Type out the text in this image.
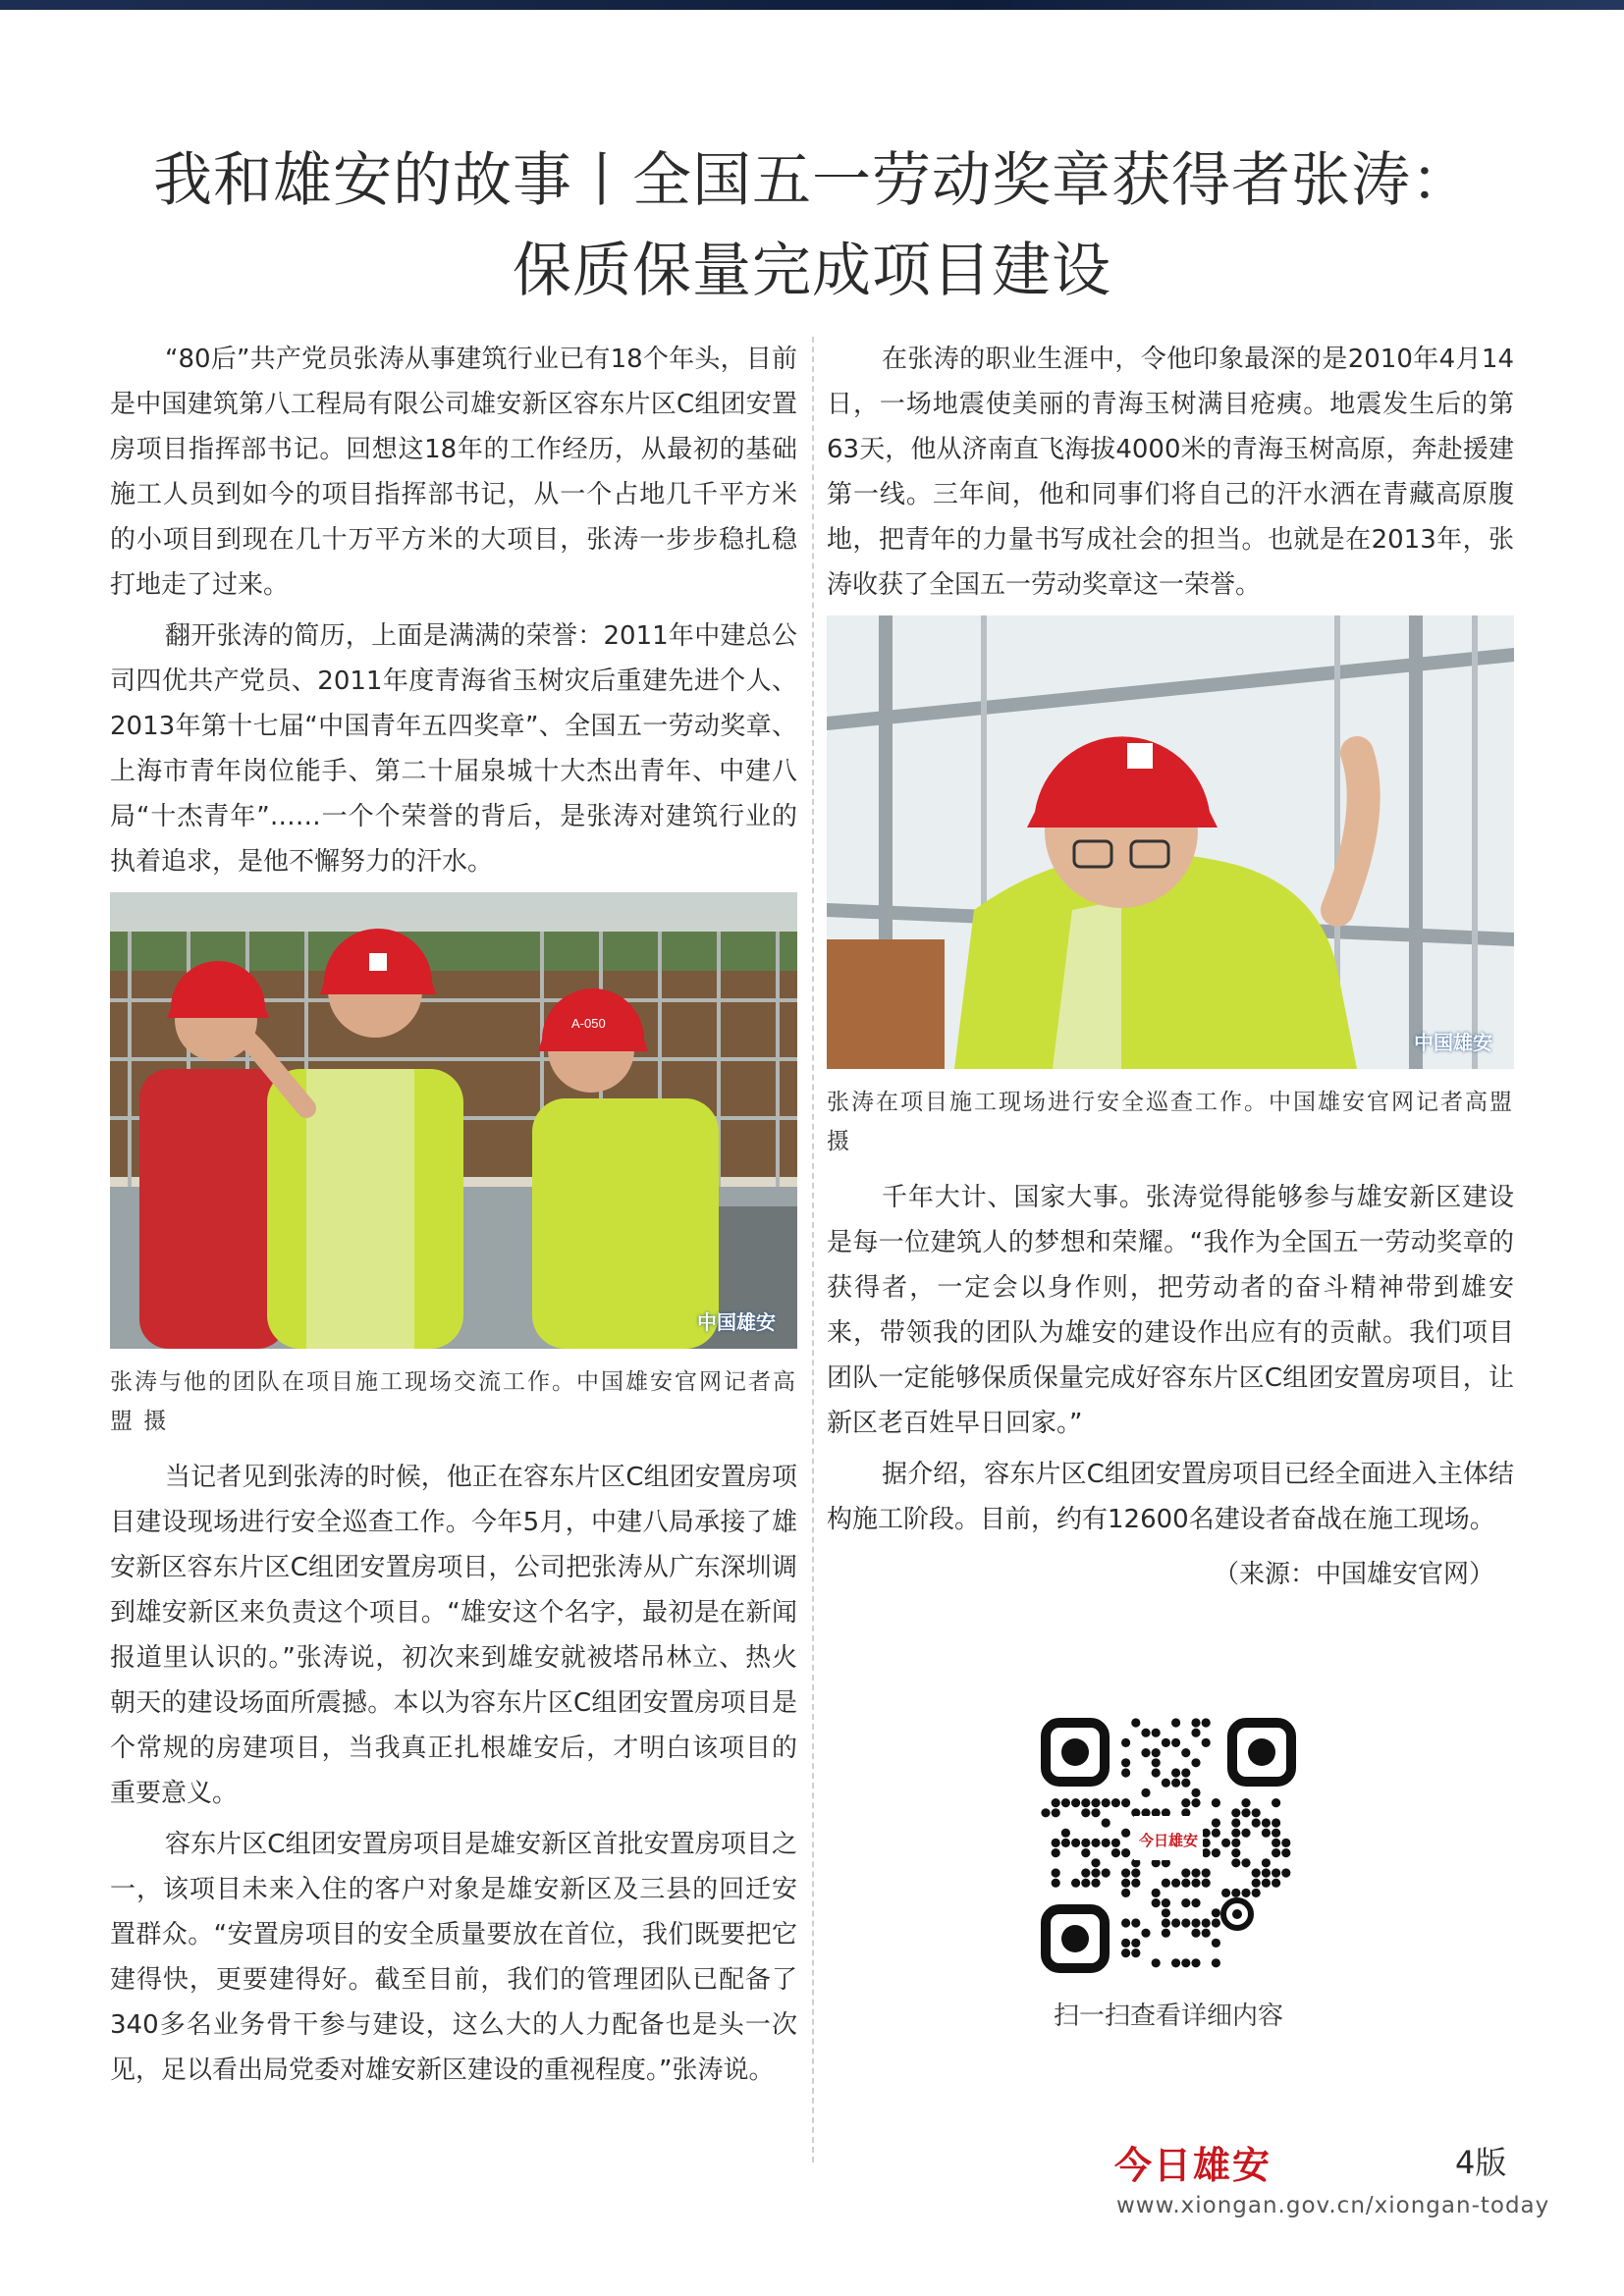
我和雄安的故事丨全国五一劳动奖章获得者张涛：
保质保量完成项目建设

“80后”共产党员张涛从事建筑行业已有18个年头，目前是中国建筑第八工程局有限公司雄安新区容东片区C组团安置房项目指挥部书记。回想这18年的工作经历，从最初的基础施工人员到如今的项目指挥部书记，从一个占地几千平方米的小项目到现在几十万平方米的大项目，张涛一步步稳扎稳打地走了过来。

翻开张涛的简历，上面是满满的荣誉：2011年中建总公司四优共产党员、2011年度青海省玉树灾后重建先进个人、2013年第十七届“中国青年五四奖章”、全国五一劳动奖章、上海市青年岗位能手、第二十届泉城十大杰出青年、中建八局“十杰青年”……一个个荣誉的背后，是张涛对建筑行业的执着追求，是他不懈努力的汗水。

A-050
中国雄安
张涛与他的团队在项目施工现场交流工作。中国雄安官网记者高盟 摄

当记者见到张涛的时候，他正在容东片区C组团安置房项目建设现场进行安全巡查工作。今年5月，中建八局承接了雄安新区容东片区C组团安置房项目，公司把张涛从广东深圳调到雄安新区来负责这个项目。“雄安这个名字，最初是在新闻报道里认识的。”张涛说，初次来到雄安就被塔吊林立、热火朝天的建设场面所震撼。本以为容东片区C组团安置房项目是个常规的房建项目，当我真正扎根雄安后，才明白该项目的重要意义。

容东片区C组团安置房项目是雄安新区首批安置房项目之一，该项目未来入住的客户对象是雄安新区及三县的回迁安置群众。“安置房项目的安全质量要放在首位，我们既要把它建得快，更要建得好。截至目前，我们的管理团队已配备了340多名业务骨干参与建设，这么大的人力配备也是头一次见，足以看出局党委对雄安新区建设的重视程度。”张涛说。

在张涛的职业生涯中，令他印象最深的是2010年4月14日，一场地震使美丽的青海玉树满目疮痍。地震发生后的第63天，他从济南直飞海拔4000米的青海玉树高原，奔赴援建第一线。三年间，他和同事们将自己的汗水洒在青藏高原腹地，把青年的力量书写成社会的担当。也就是在2013年，张涛收获了全国五一劳动奖章这一荣誉。

中国雄安
张涛在项目施工现场进行安全巡查工作。中国雄安官网记者高盟 摄

千年大计、国家大事。张涛觉得能够参与雄安新区建设是每一位建筑人的梦想和荣耀。“我作为全国五一劳动奖章的获得者，一定会以身作则，把劳动者的奋斗精神带到雄安来，带领我的团队为雄安的建设作出应有的贡献。我们项目团队一定能够保质保量完成好容东片区C组团安置房项目，让新区老百姓早日回家。”

据介绍，容东片区C组团安置房项目已经全面进入主体结构施工阶段。目前，约有12600名建设者奋战在施工现场。

（来源：中国雄安官网）
今日雄安
扫一扫查看详细内容
今日雄安	4版
www.xiongan.gov.cn/xiongan-today
